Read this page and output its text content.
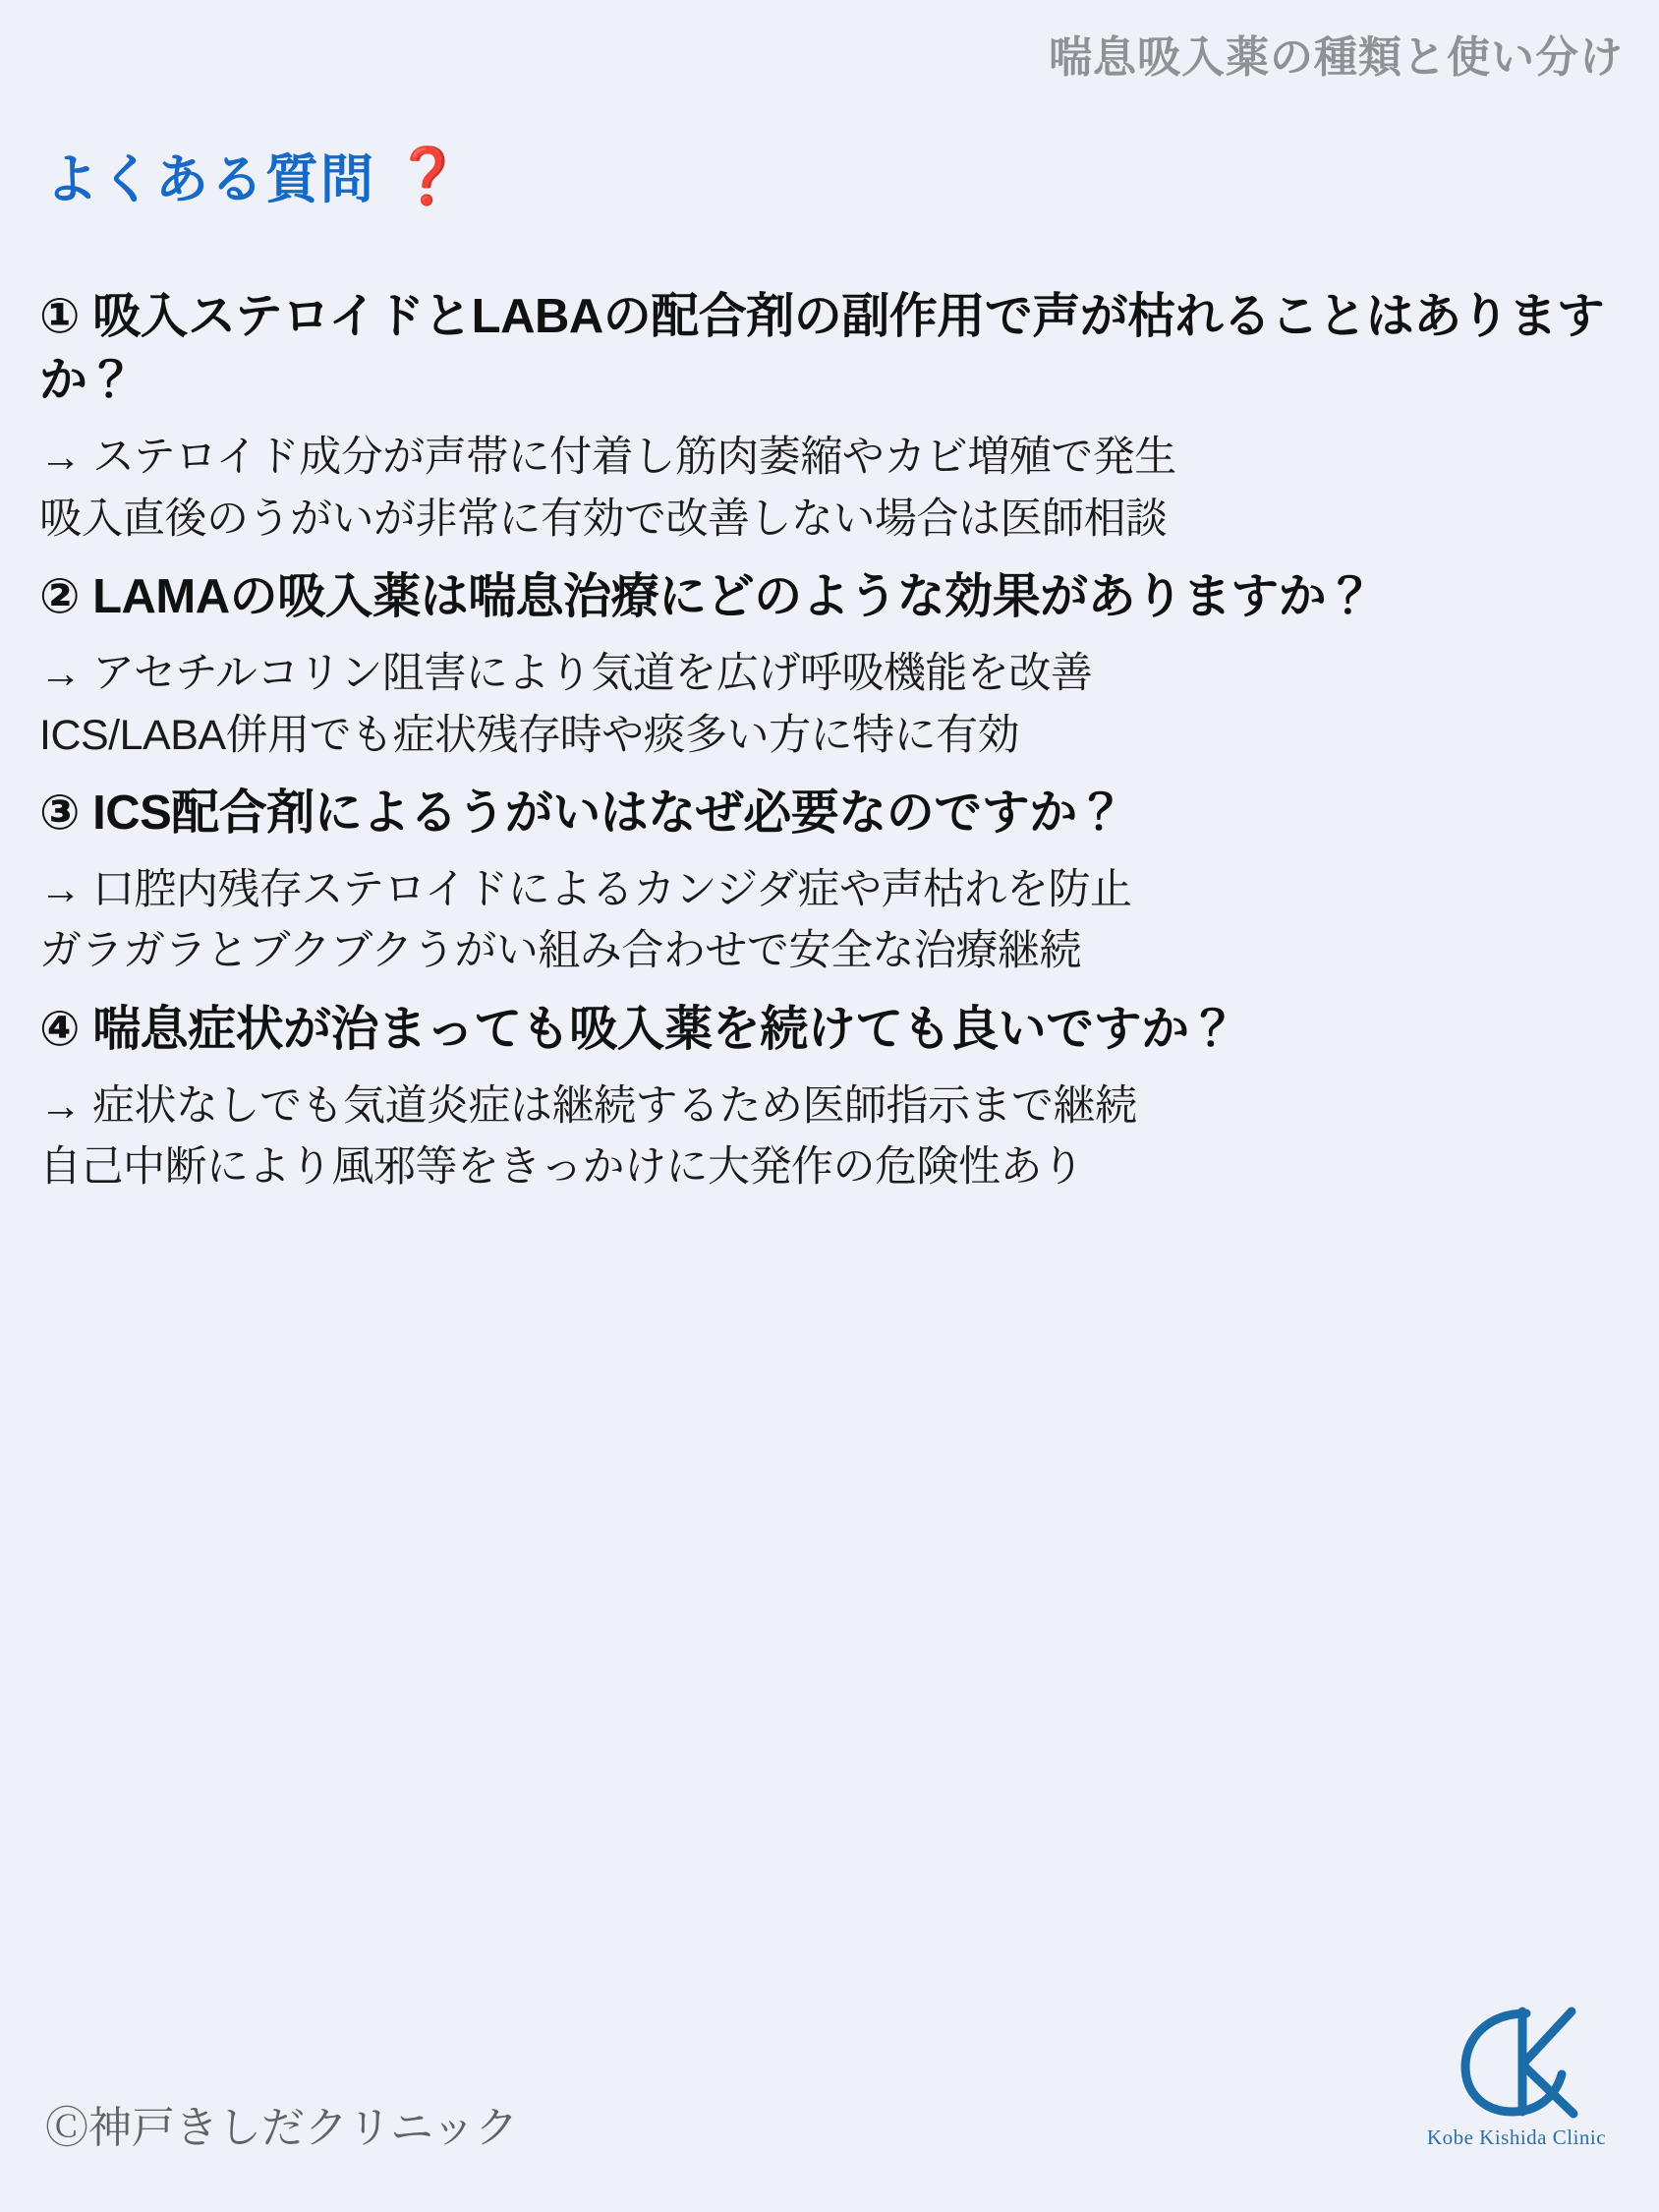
喘息吸入薬の種類と使い分け
よくある質問 ❓
① 吸入ステロイドとLABAの配合剤の副作用で声が枯れることはありますか？
→ ステロイド成分が声帯に付着し筋肉萎縮やカビ増殖で発生
吸入直後のうがいが非常に有効で改善しない場合は医師相談
② LAMAの吸入薬は喘息治療にどのような効果がありますか？
→ アセチルコリン阻害により気道を広げ呼吸機能を改善
ICS/LABA併用でも症状残存時や痰多い方に特に有効
③ ICS配合剤によるうがいはなぜ必要なのですか？
→ 口腔内残存ステロイドによるカンジダ症や声枯れを防止
ガラガラとブクブクうがい組み合わせで安全な治療継続
④ 喘息症状が治まっても吸入薬を続けても良いですか？
→ 症状なしでも気道炎症は継続するため医師指示まで継続
自己中断により風邪等をきっかけに大発作の危険性あり
Ⓒ神戸きしだクリニック	Kobe Kishida Clinic
